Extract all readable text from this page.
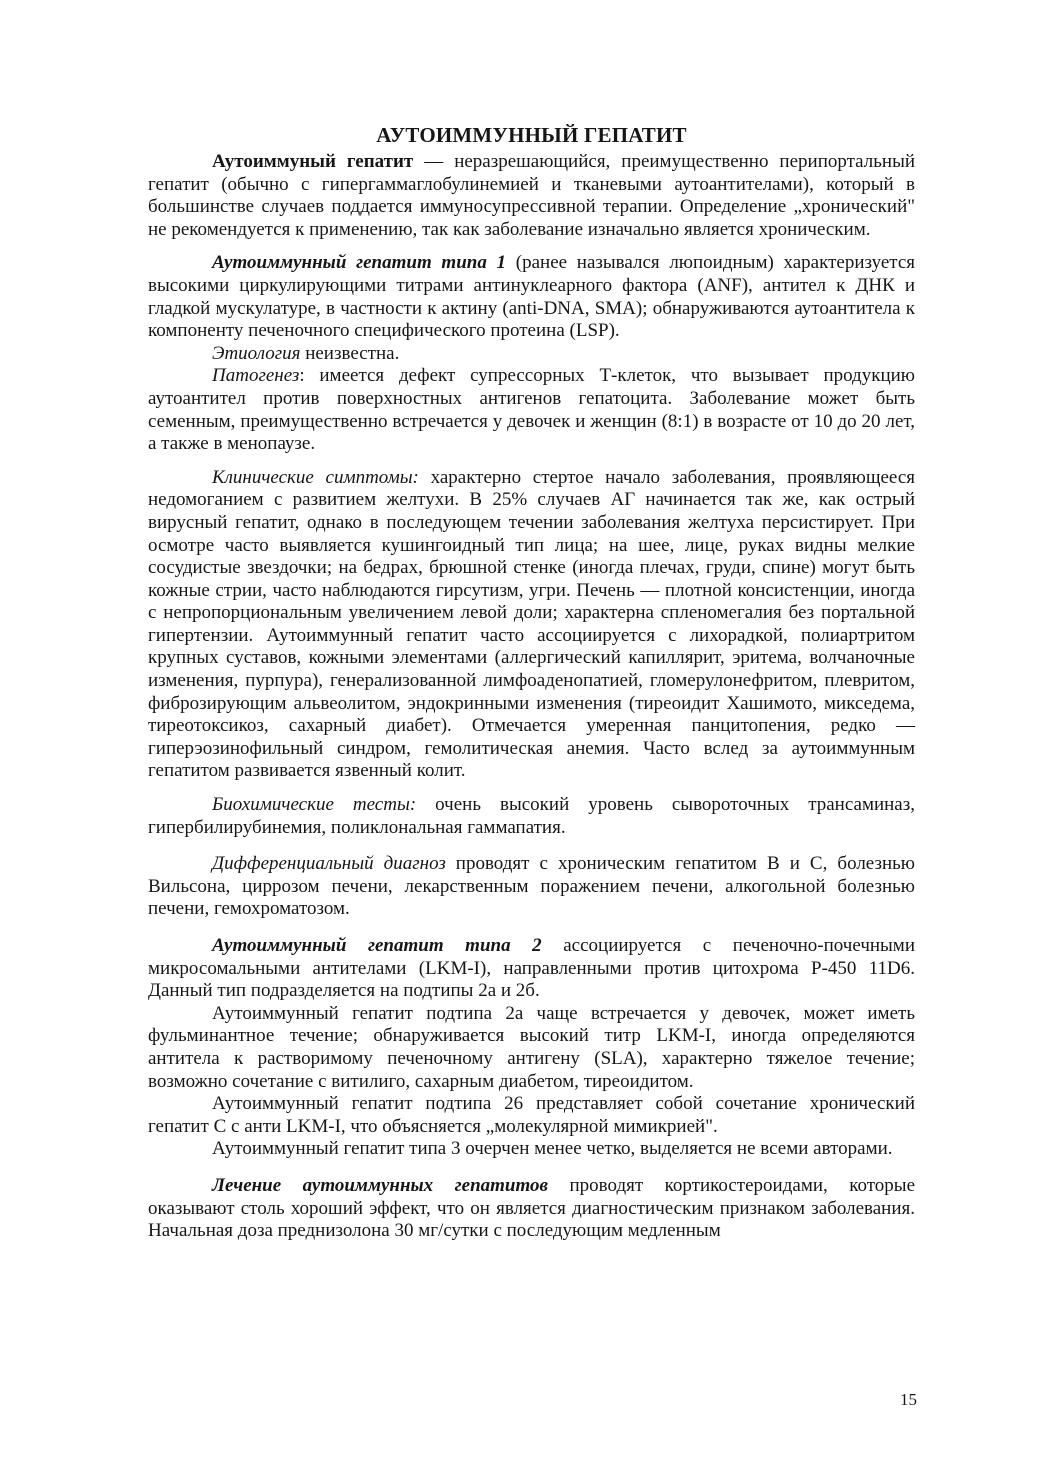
АУТОИММУННЫЙ ГЕПАТИТ

Аутоиммуный гепатит — неразрешающийся, преимущественно перипортальный гепатит (обычно с гипергаммаглобулинемией и тканевыми аутоантителами), который в большинстве случаев поддается иммуносупрессивной терапии. Определение „хронический" не рекомендуется к применению, так как заболевание изначально является хроническим.

Аутоиммунный гепатит типа 1 (ранее назывался люпоидным) характеризуется высокими циркулирующими титрами антинуклеарного фактора (ANF), антител к ДНК и гладкой мускулатуре, в частности к актину (anti-DNA, SMA); обнаруживаются аутоантитела к компоненту печеночного специфического протеина (LSP).

Этиология неизвестна.

Патогенез: имеется дефект супрессорных Т-клеток, что вызывает продукцию аутоантител против поверхностных антигенов гепатоцита. Заболевание может быть семенным, преимущественно встречается у девочек и женщин (8:1) в возрасте от 10 до 20 лет, а также в менопаузе.

Клинические симптомы: характерно стертое начало заболевания, проявляющееся недомоганием с развитием желтухи. В 25% случаев АГ начинается так же, как острый вирусный гепатит, однако в последующем течении заболевания желтуха персистирует. При осмотре часто выявляется кушингоидный тип лица; на шее, лице, руках видны мелкие сосудистые звездочки; на бедрах, брюшной стенке (иногда плечах, груди, спине) могут быть кожные стрии, часто наблюдаются гирсутизм, угри. Печень — плотной консистенции, иногда с непропорциональным увеличением левой доли; характерна спленомегалия без портальной гипертензии. Аутоиммунный гепатит часто ассоциируется с лихорадкой, полиартритом крупных суставов, кожными элементами (аллергический капиллярит, эритема, волчаночные изменения, пурпура), генерализованной лимфоаденопатией, гломерулонефритом, плевритом, фиброзирующим альвеолитом, эндокринными изменения (тиреоидит Хашимото, микседема, тиреотоксикоз, сахарный диабет). Отмечается умеренная панцитопения, редко — гиперэозинофильный синдром, гемолитическая анемия. Часто вслед за аутоиммунным гепатитом развивается язвенный колит.

Биохимические тесты: очень высокий уровень сывороточных трансаминаз, гипербилирубинемия, поликлональная гаммапатия.

Дифференциальный диагноз проводят с хроническим гепатитом В и С, болезнью Вильсона, циррозом печени, лекарственным поражением печени, алкогольной болезнью печени, гемохроматозом.

Аутоиммунный гепатит типа 2 ассоциируется с печеночно-почечными микросомальными антителами (LKM-I), направленными против цитохрома Р-450 11D6. Данный тип подразделяется на подтипы 2а и 2б.

Аутоиммунный гепатит подтипа 2а чаще встречается у девочек, может иметь фульминантное течение; обнаруживается высокий титр LKM-I, иногда определяются антитела к растворимому печеночному антигену (SLA), характерно тяжелое течение; возможно сочетание с витилиго, сахарным диабетом, тиреоидитом.

Аутоиммунный гепатит подтипа 26 представляет собой сочетание хронический гепатит С с анти LKM-I, что объясняется „молекулярной мимикрией".

Аутоиммунный гепатит типа 3 очерчен менее четко, выделяется не всеми авторами.

Лечение аутоиммунных гепатитов проводят кортикостероидами, которые оказывают столь хороший эффект, что он является диагностическим признаком заболевания. Начальная доза преднизолона 30 мг/сутки с последующим медленным

15
